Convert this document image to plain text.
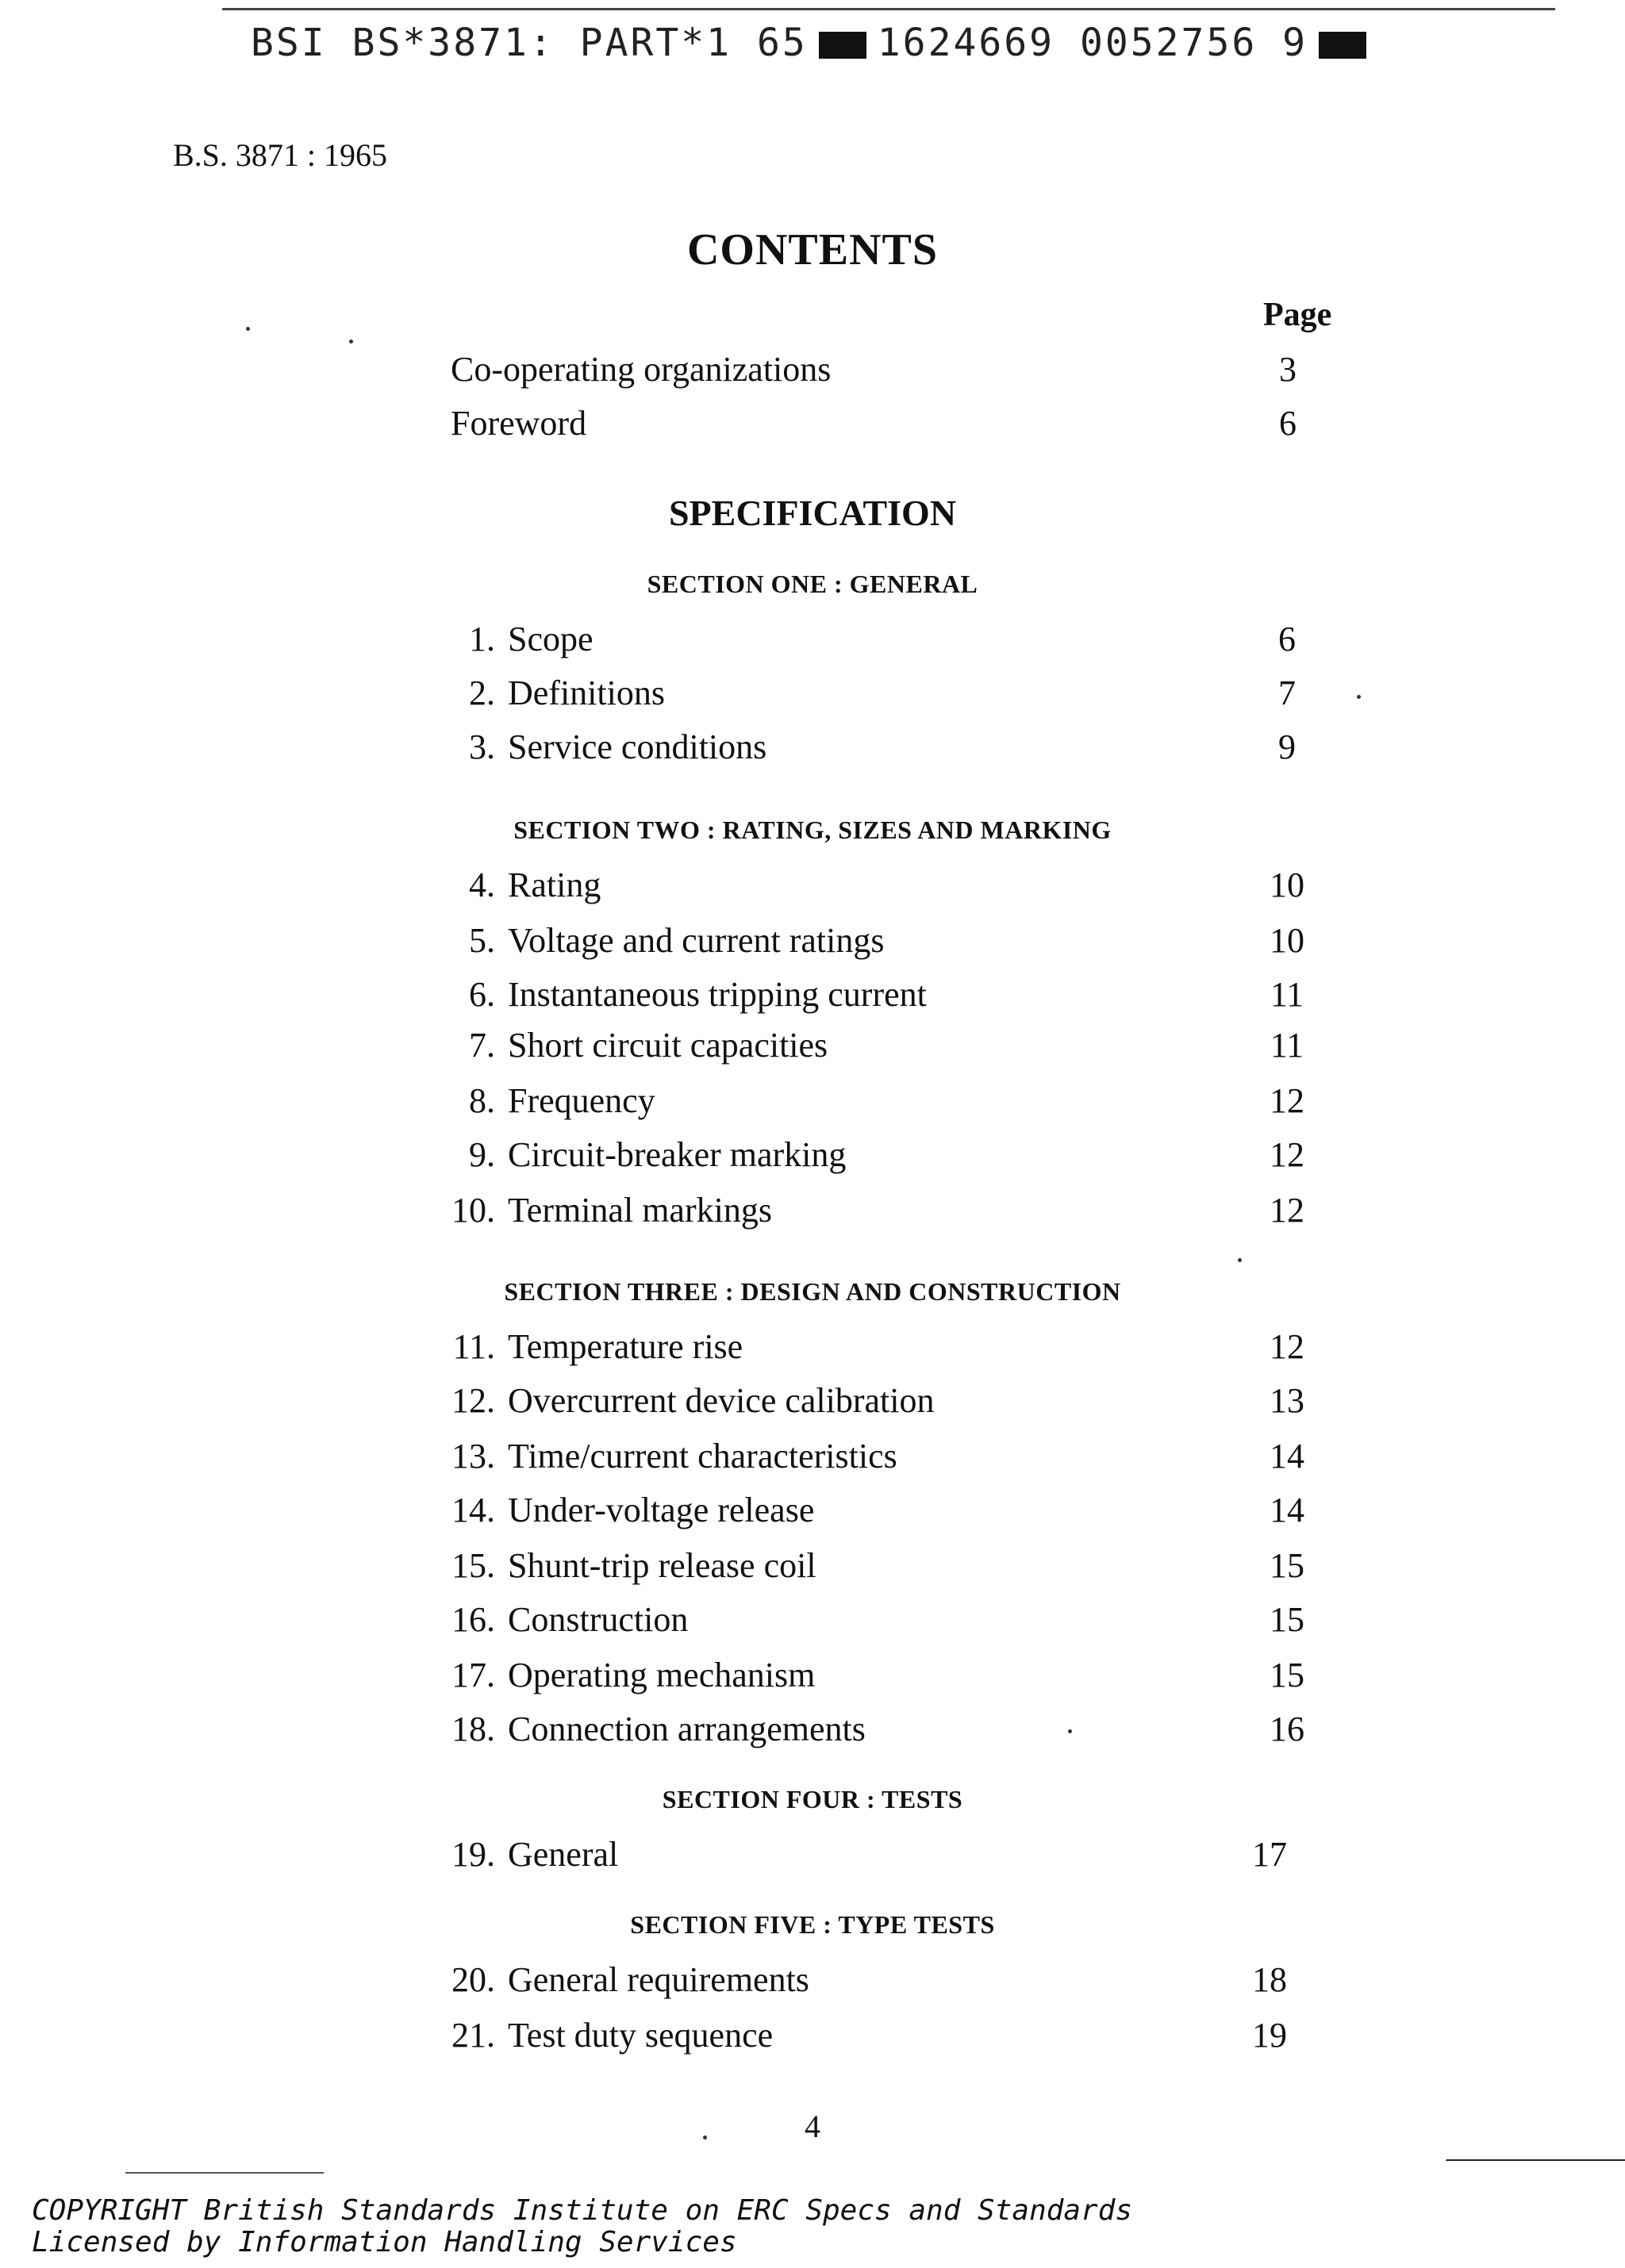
BSI BS*3871: PART*1 65 1624669 0052756 9
B.S. 3871 : 1965
CONTENTS
Page
Co-operating organizations	3
Foreword	6
SPECIFICATION
SECTION ONE : GENERAL
1. Scope	6
2. Definitions	7
3. Service conditions	9
SECTION TWO : RATING, SIZES AND MARKING
4. Rating	10
5. Voltage and current ratings	10
6. Instantaneous tripping current	11
7. Short circuit capacities	11
8. Frequency	12
9. Circuit-breaker marking	12
10. Terminal markings	12
SECTION THREE : DESIGN AND CONSTRUCTION
11. Temperature rise	12
12. Overcurrent device calibration	13
13. Time/current characteristics	14
14. Under-voltage release	14
15. Shunt-trip release coil	15
16. Construction	15
17. Operating mechanism	15
18. Connection arrangements	16
SECTION FOUR : TESTS
19. General	17
SECTION FIVE : TYPE TESTS
20. General requirements	18
21. Test duty sequence	19
4
COPYRIGHT British Standards Institute on ERC Specs and Standards
Licensed by Information Handling Services
